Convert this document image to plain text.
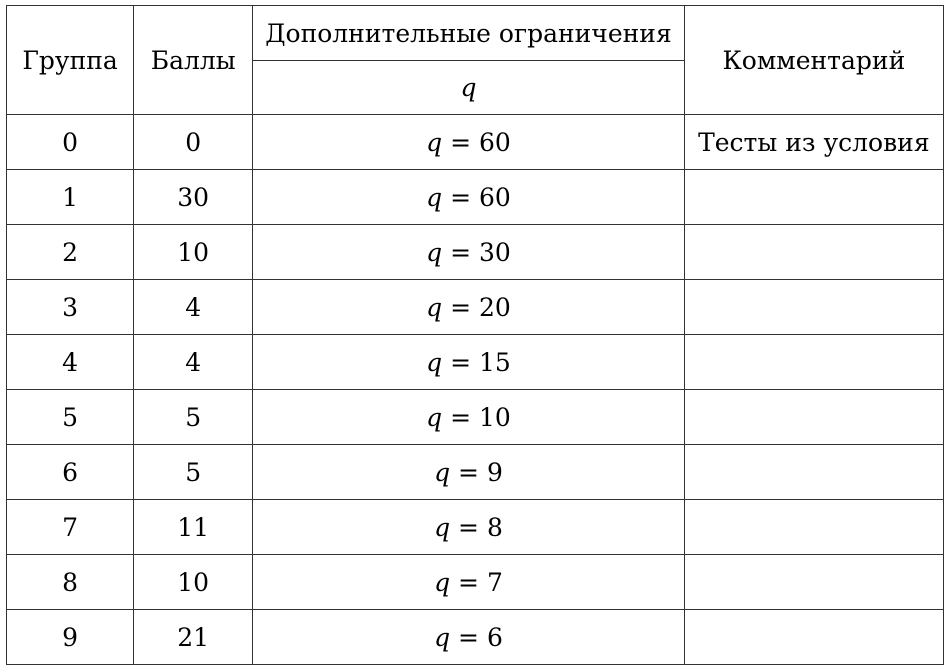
Группа	Баллы	Дополнительные ограничения	Комментарий
		q	
0	0	q = 60	Тесты из условия
1	30	q = 60	
2	10	q = 30	
3	4	q = 20	
4	4	q = 15	
5	5	q = 10	
6	5	q = 9	
7	11	q = 8	
8	10	q = 7	
9	21	q = 6	
